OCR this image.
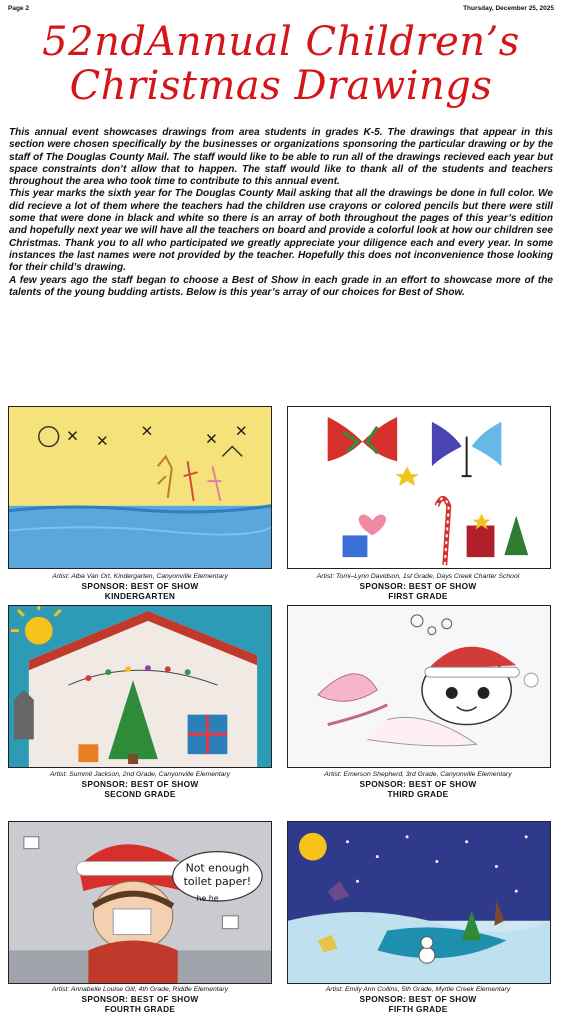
Page 2	Thursday, December 25, 2025
52ndAnnual Children’s
Christmas Drawings

This annual event showcases drawings from area students in grades K-5. The drawings that appear in this section were chosen specifically by the businesses or organizations sponsoring the particular drawing or by the staff of The Douglas County Mail. The staff would like to be able to run all of the drawings recieved each year but space constraints don’t allow that to happen. The staff would like to thank all of the students and teachers throughout the area who took time to contribute to this annual event.

This year marks the sixth year for The Douglas County Mail asking that all the drawings be done in full color. We did recieve a lot of them where the teachers had the children use crayons or colored pencils but there were still some that were done in black and white so there is an array of both throughout the pages of this year’s edition and hopefully next year we will have all the teachers on board and provide a colorful look at how our children see Christmas. Thank you to all who participated we greatly appreciate your diligence each and every year. In some instances the last names were not provided by the teacher. Hopefully this does not inconvenience those looking for their child’s drawing.

A few years ago the staff began to choose a Best of Show in each grade in an effort to showcase more of the talents of the young budding artists. Below is this year’s array of our choices for Best of Show.

Artist: Alba Van Ort, Kindergarten, Canyonville Elementary
SPONSOR: BEST OF SHOW
KINDERGARTEN
Artist: Tomi–Lynn Davidson, 1st Grade, Days Creek Charter School
SPONSOR: BEST OF SHOW
FIRST GRADE
Artist: Summit Jackson, 2nd Grade, Canyonville Elementary
SPONSOR: BEST OF SHOW
SECOND GRADE
Artist: Emerson Shepherd, 3rd Grade, Canyonville Elementary
SPONSOR: BEST OF SHOW
THIRD GRADE
Not enough
toilet paper!
he he
Artist: Annabelle Louise Gill, 4th Grade, Riddle Elementary
SPONSOR: BEST OF SHOW
FOURTH GRADE
Artist: Emily Ann Collins, 5th Grade, Myrtle Creek Elementary
SPONSOR: BEST OF SHOW
FIFTH GRADE
